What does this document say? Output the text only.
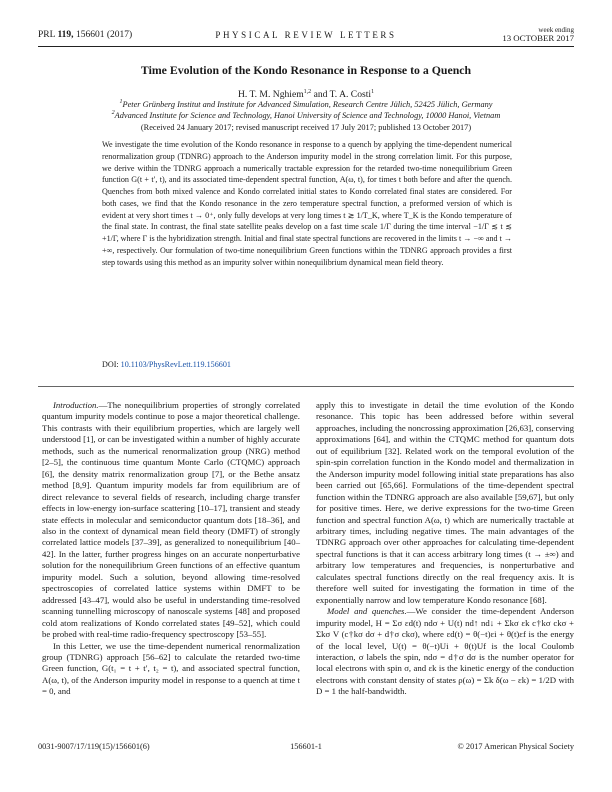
PRL 119, 156601 (2017)	PHYSICAL REVIEW LETTERS	week ending
13 OCTOBER 2017
Time Evolution of the Kondo Resonance in Response to a Quench
H. T. M. Nghiem$^{1,2}$ and T. A. Costi$^1$
$^1$Peter Grünberg Institut and Institute for Advanced Simulation, Research Centre Jülich, 52425 Jülich, Germany
$^2$Advanced Institute for Science and Technology, Hanoi University of Science and Technology, 10000 Hanoi, Vietnam
(Received 24 January 2017; revised manuscript received 17 July 2017; published 13 October 2017)
We investigate the time evolution of the Kondo resonance in response to a quench by applying the time-dependent numerical renormalization group (TDNRG) approach to the Anderson impurity model in the strong correlation limit. For this purpose, we derive within the TDNRG approach a numerically tractable expression for the retarded two-time nonequilibrium Green function G(t + t′, t), and its associated time-dependent spectral function, A(ω, t), for times t both before and after the quench. Quenches from both mixed valence and Kondo correlated initial states to Kondo correlated final states are considered. For both cases, we find that the Kondo resonance in the zero temperature spectral function, a preformed version of which is evident at very short times t → 0⁺, only fully develops at very long times t ≳ 1/T_K, where T_K is the Kondo temperature of the final state. In contrast, the final state satellite peaks develop on a fast time scale 1/Γ during the time interval −1/Γ ≲ t ≲ +1/Γ, where Γ is the hybridization strength. Initial and final state spectral functions are recovered in the limits t → −∞ and t → +∞, respectively. Our formulation of two-time nonequilibrium Green functions within the TDNRG approach provides a first step towards using this method as an impurity solver within nonequilibrium dynamical mean field theory.
DOI: 10.1103/PhysRevLett.119.156601

Introduction.—The nonequilibrium properties of strongly correlated quantum impurity models continue to pose a major theoretical challenge. This contrasts with their equilibrium properties, which are largely well understood [1], or can be investigated within a number of highly accurate methods, such as the numerical renormalization group (NRG) method [2–5], the continuous time quantum Monte Carlo (CTQMC) approach [6], the density matrix renormalization group [7], or the Bethe ansatz method [8,9]. Quantum impurity models far from equilibrium are of direct relevance to several fields of research, including charge transfer effects in low-energy ion-surface scattering [10–17], transient and steady state effects in molecular and semiconductor quantum dots [18–36], and also in the context of dynamical mean field theory (DMFT) of strongly correlated lattice models [37–39], as generalized to nonequilibrium [40–42]. In the latter, further progress hinges on an accurate nonperturbative solution for the nonequilibrium Green functions of an effective quantum impurity model. Such a solution, beyond allowing time-resolved spectroscopies of correlated lattice systems within DMFT to be addressed [43–47], would also be useful in understanding time-resolved scanning tunnelling microscopy of nanoscale systems [48] and proposed cold atom realizations of Kondo correlated states [49–52], which could be probed with real-time radio-frequency spectroscopy [53–55].

In this Letter, we use the time-dependent numerical renormalization group (TDNRG) approach [56–62] to calculate the retarded two-time Green function, G(t₁ = t + t′, t₂ = t), and associated spectral function, A(ω, t), of the Anderson impurity model in response to a quench at time t = 0, and

apply this to investigate in detail the time evolution of the Kondo resonance. This topic has been addressed before within several approaches, including the noncrossing approximation [26,63], conserving approximations [64], and within the CTQMC method for quantum dots out of equilibrium [32]. Related work on the temporal evolution of the spin-spin correlation function in the Kondo model and thermalization in the Anderson impurity model following initial state preparations has also been carried out [65,66]. Formulations of the time-dependent spectral function within the TDNRG approach are also available [59,67], but only for positive times. Here, we derive expressions for the two-time Green function and spectral function A(ω, t) which are numerically tractable at arbitrary times, including negative times. The main advantages of the TDNRG approach over other approaches for calculating time-dependent spectral functions is that it can access arbitrary long times (t → ±∞) and arbitrary low temperatures and frequencies, is nonperturbative and calculates spectral functions directly on the real frequency axis. It is therefore well suited for investigating the formation in time of the exponentially narrow and low temperature Kondo resonance [68].

Model and quenches.—We consider the time-dependent Anderson impurity model, H = Σσ εd(t) ndσ + U(t) nd↑ nd↓ + Σkσ εk c†kσ ckσ + Σkσ V (c†kσ dσ + d†σ ckσ), where εd(t) = θ(−t)εi + θ(t)εf is the energy of the local level, U(t) = θ(−t)Ui + θ(t)Uf is the local Coulomb interaction, σ labels the spin, ndσ = d†σ dσ is the number operator for local electrons with spin σ, and εk is the kinetic energy of the conduction electrons with constant density of states ρ(ω) = Σk δ(ω − εk) = 1/2D with D = 1 the half-bandwidth.

0031-9007/17/119(15)/156601(6)	156601-1	© 2017 American Physical Society
